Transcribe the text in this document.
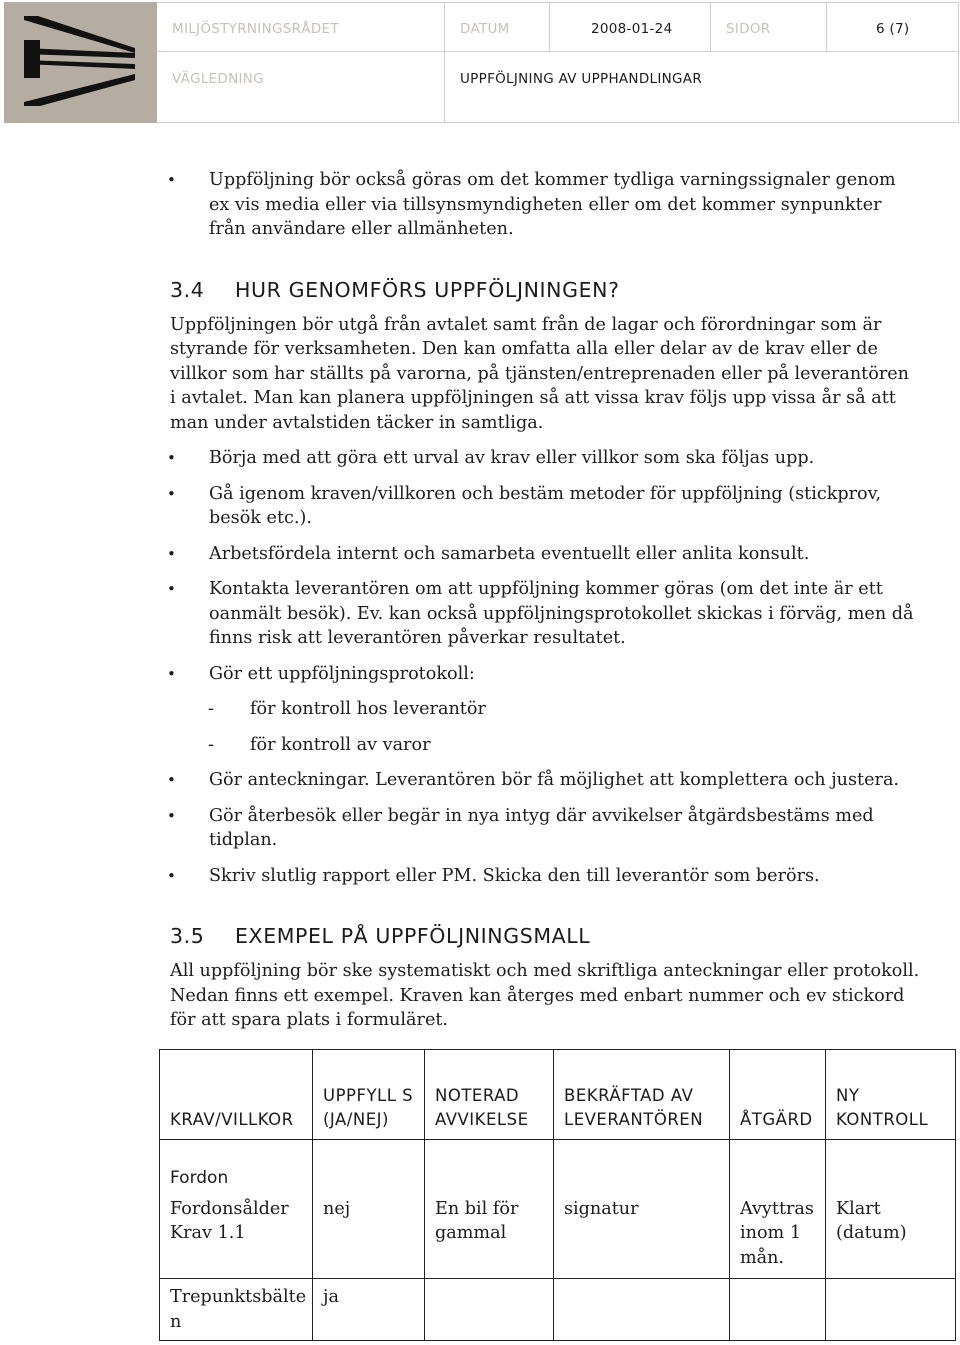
MILJÖSTYRNINGSRÅDET	DATUM	2008-01-24	SIDOR	6 (7)
VÄGLEDNING	UPPFÖLJNING AV UPPHANDLINGAR
• Uppföljning bör också göras om det kommer tydliga varningssignaler genom ex vis media eller via tillsynsmyndigheten eller om det kommer synpunkter från användare eller allmänheten.
3.4 HUR GENOMFÖRS UPPFÖLJNINGEN?

Uppföljningen bör utgå från avtalet samt från de lagar och förordningar som är styrande för verksamheten. Den kan omfatta alla eller delar av de krav eller de villkor som har ställts på varorna, på tjänsten/entreprenaden eller på leverantören i avtalet. Man kan planera uppföljningen så att vissa krav följs upp vissa år så att man under avtalstiden täcker in samtliga.

• Börja med att göra ett urval av krav eller villkor som ska följas upp.
• Gå igenom kraven/villkoren och bestäm metoder för uppföljning (stickprov, besök etc.).
• Arbetsfördela internt och samarbeta eventuellt eller anlita konsult.
• Kontakta leverantören om att uppföljning kommer göras (om det inte är ett oanmält besök). Ev. kan också uppföljningsprotokollet skickas i förväg, men då finns risk att leverantören påverkar resultatet.
• Gör ett uppföljningsprotokoll:
- för kontroll hos leverantör
- för kontroll av varor
• Gör anteckningar. Leverantören bör få möjlighet att komplettera och justera.
• Gör återbesök eller begär in nya intyg där avvikelser åtgärdsbestäms med tidplan.
• Skriv slutlig rapport eller PM. Skicka den till leverantör som berörs.
3.5 EXEMPEL PÅ UPPFÖLJNINGSMALL

All uppföljning bör ske systematiskt och med skriftliga anteckningar eller protokoll. Nedan finns ett exempel. Kraven kan återges med enbart nummer och ev stickord för att spara plats i formuläret.

KRAV/VILLKOR	UPPFYLL S (JA/NEJ)	NOTERAD AVVIKELSE	BEKRÄFTAD AV LEVERANTÖREN	ÅTGÄRD	NY KONTROLL
Fordon					
Fordonsålder Krav 1.1	nej	En bil för gammal	signatur	Avyttras inom 1 mån.	Klart (datum)
Trepunktsbälte n	ja				
